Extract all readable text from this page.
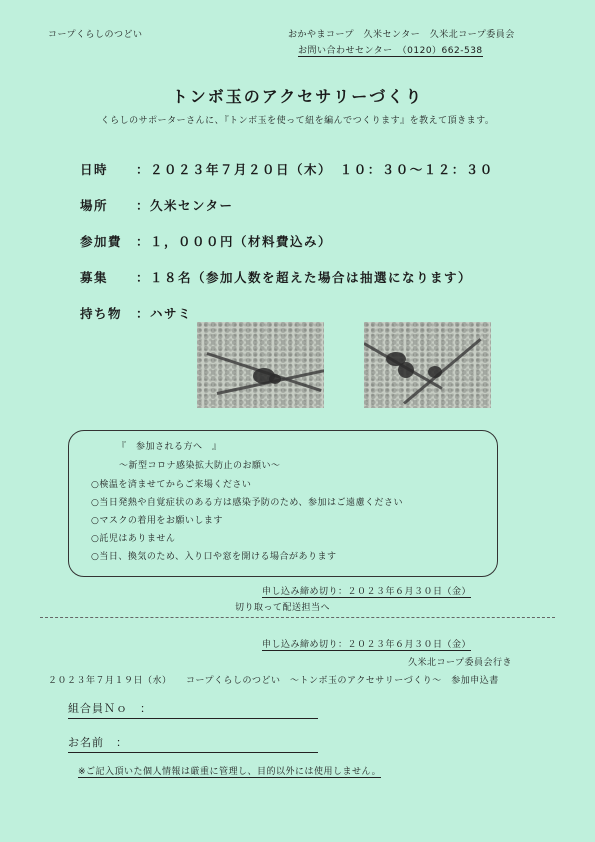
コープくらしのつどい	おかやまコープ　久米センター　久米北コープ委員会
お問い合わせセンター　（0120）662-538
トンボ玉のアクセサリーづくり
くらしのサポーターさんに、『トンボ玉を使って紐を編んでつくります』を教えて頂きます。
日時 ：２０２３年７月２０日（木）　１０：３０～１２：３０
場所 ：久米センター
参加費 ：１，０００円（材料費込み）
募集 ：１８名（参加人数を超えた場合は抽選になります）
持ち物 ：ハサミ
『　参加される方へ　』
～新型コロナ感染拡大防止のお願い～
○検温を済ませてからご来場ください
○当日発熱や自覚症状のある方は感染予防のため、参加はご遠慮ください
○マスクの着用をお願いします
○託児はありません
○当日、換気のため、入り口や窓を開ける場合があります
申し込み締め切り：２０２３年６月３０日（金）
切り取って配送担当へ
申し込み締め切り：２０２３年６月３０日（金）
久米北コープ委員会行き
２０２３年７月１９日（水）　　コープくらしのつどい　～トンボ玉のアクセサリーづくり～　参加申込書
組合員Ｎｏ　：
お名前　：
※ご記入頂いた個人情報は厳重に管理し、目的以外には使用しません。
